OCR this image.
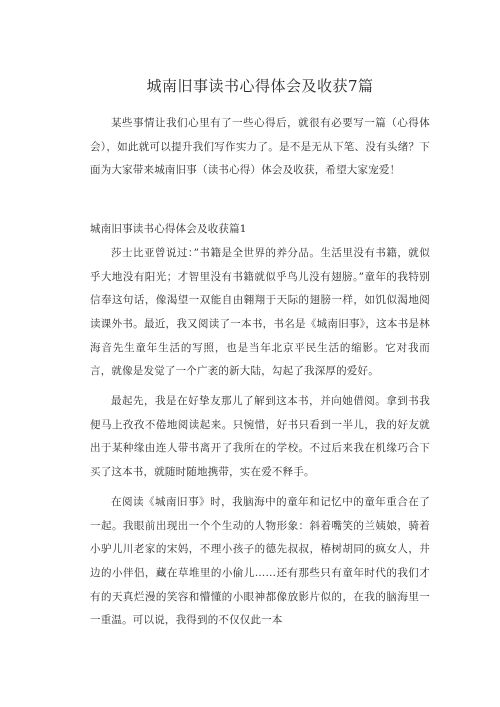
城南旧事读书心得体会及收获7篇

某些事情让我们心里有了一些心得后，就很有必要写一篇（心得体会），如此就可以提升我们写作实力了。是不是无从下笔、没有头绪？下面为大家带来城南旧事（读书心得）体会及收获，希望大家宠爱！

城南旧事读书心得体会及收获篇1

莎士比亚曾说过：”书籍是全世界的养分品。生活里没有书籍，就似乎大地没有阳光；才智里没有书籍就似乎鸟儿没有翅膀。”童年的我特别信奉这句话，像渴望一双能自由翱翔于天际的翅膀一样，如饥似渴地阅读课外书。最近，我又阅读了一本书，书名是《城南旧事》，这本书是林海音先生童年生活的写照，也是当年北京平民生活的缩影。它对我而言，就像是发觉了一个广袤的新大陆，勾起了我深厚的爱好。

最起先，我是在好挚友那儿了解到这本书，并向她借阅。拿到书我便马上孜孜不倦地阅读起来。只惋惜，好书只看到一半儿，我的好友就出于某种缘由连人带书离开了我所在的学校。不过后来我在机缘巧合下买了这本书，就随时随地携带，实在爱不释手。

在阅读《城南旧事》时，我脑海中的童年和记忆中的童年重合在了一起。我眼前出现出一个个生动的人物形象：斜着嘴笑的兰姨娘，骑着小驴儿川老家的宋妈，不理小孩子的德先叔叔，椿树胡同的疯女人，井边的小伴侣，藏在草堆里的小偷儿……还有那些只有童年时代的我们才有的天真烂漫的笑容和懵懂的小眼神都像放影片似的，在我的脑海里一一重温。可以说，我得到的不仅仅此一本
